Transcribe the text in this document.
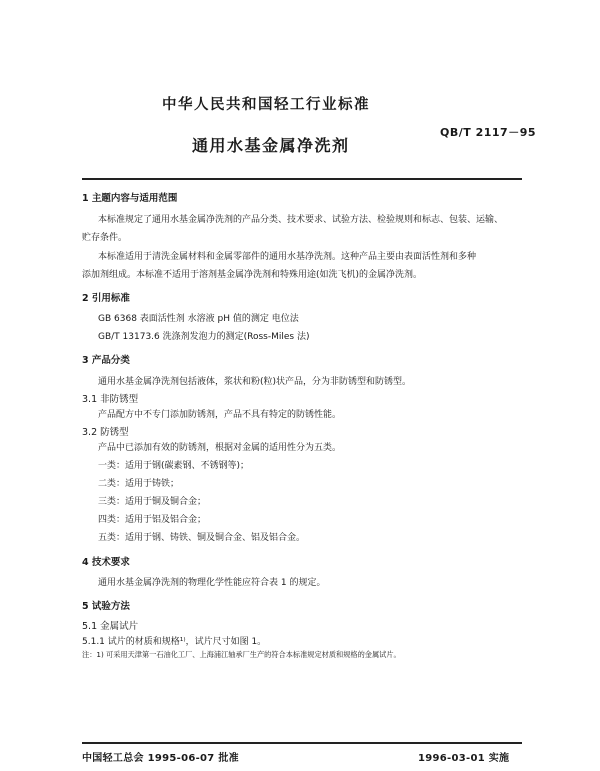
中华人民共和国轻工行业标准
QB/T 2117－95
通用水基金属净洗剂
1 主题内容与适用范围
本标准规定了通用水基金属净洗剂的产品分类、技术要求、试验方法、检验规则和标志、包装、运输、
贮存条件。
本标准适用于清洗金属材料和金属零部件的通用水基净洗剂。这种产品主要由表面活性剂和多种
添加剂组成。本标准不适用于溶剂基金属净洗剂和特殊用途(如洗飞机)的金属净洗剂。
2 引用标准
GB 6368 表面活性剂 水溶液 pH 值的测定 电位法
GB/T 13173.6 洗涤剂发泡力的测定(Ross-Miles 法)
3 产品分类
通用水基金属净洗剂包括液体，浆状和粉(粒)状产品，分为非防锈型和防锈型。
3.1 非防锈型
产品配方中不专门添加防锈剂，产品不具有特定的防锈性能。
3.2 防锈型
产品中已添加有效的防锈剂，根据对金属的适用性分为五类。
一类：适用于钢(碳素钢、不锈钢等)；
二类：适用于铸铁；
三类：适用于铜及铜合金；
四类：适用于铝及铝合金；
五类：适用于钢、铸铁、铜及铜合金、铝及铝合金。
4 技术要求
通用水基金属净洗剂的物理化学性能应符合表 1 的规定。
5 试验方法
5.1 金属试片
5.1.1 试片的材质和规格¹⁾，试片尺寸如图 1。
注：1) 可采用天津第一石油化工厂、上海浦江轴承厂生产的符合本标准规定材质和规格的金属试片。
中国轻工总会 1995-06-07 批准	1996-03-01 实施
